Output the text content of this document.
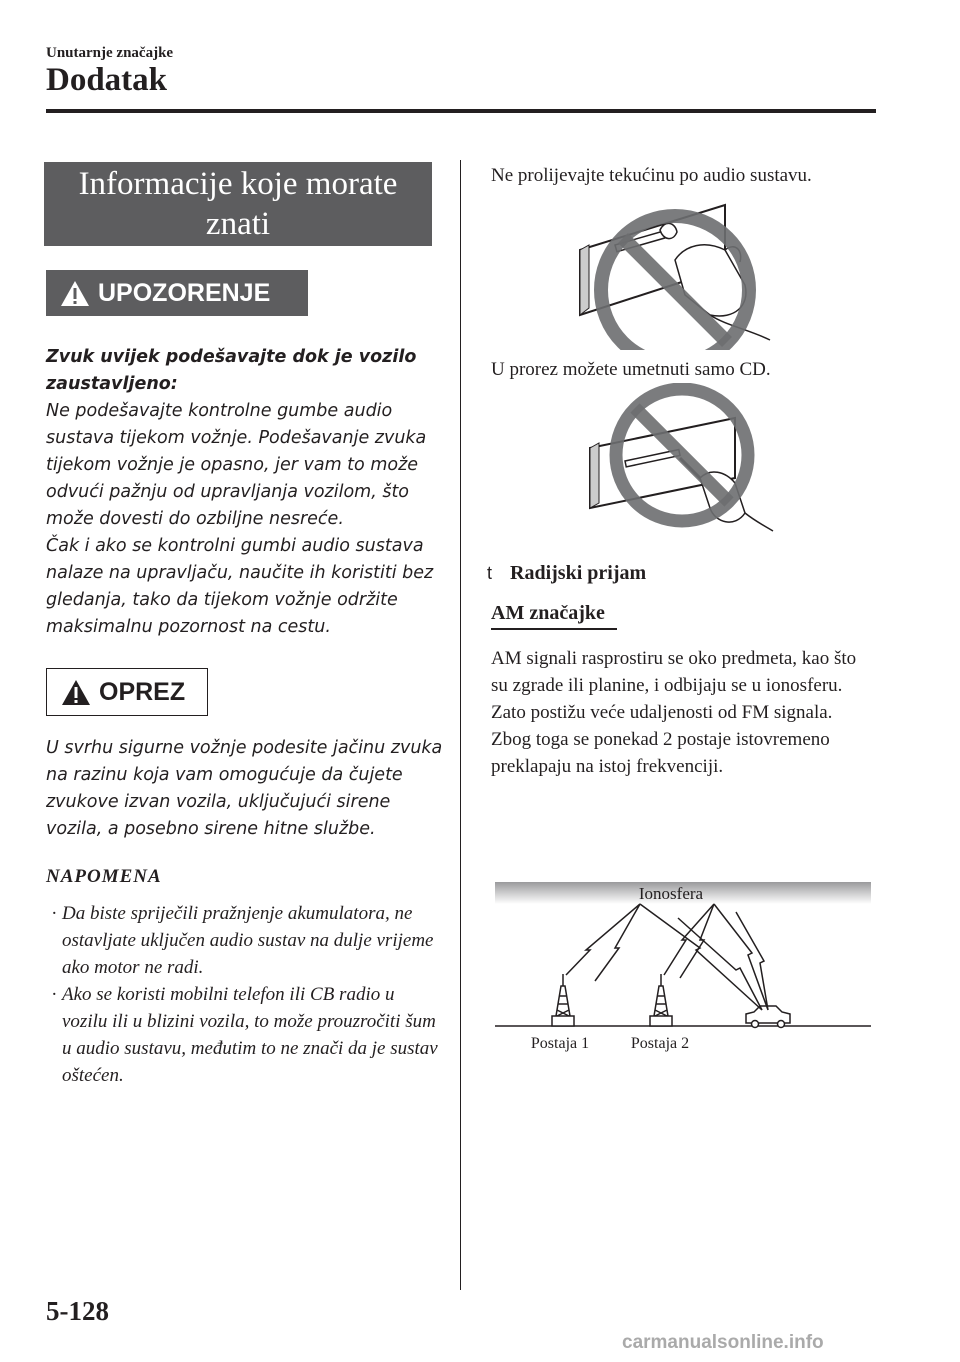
Unutarnje značajke
Dodatak
Informacije koje morate
znati
UPOZORENJE
Zvuk uvijek podešavajte dok je vozilo zaustavljeno:
Ne podešavajte kontrolne gumbe audio sustava tijekom vožnje. Podešavanje zvuka tijekom vožnje je opasno, jer vam to može odvući pažnju od upravljanja vozilom, što može dovesti do ozbiljne nesreće.
Čak i ako se kontrolni gumbi audio sustava nalaze na upravljaču, naučite ih koristiti bez gledanja, tako da tijekom vožnje održite maksimalnu pozornost na cestu.
OPREZ
U svrhu sigurne vožnje podesite jačinu zvuka na razinu koja vam omogućuje da čujete zvukove izvan vozila, uključujući sirene vozila, a posebno sirene hitne službe.
NAPOMENA
· Da biste spriječili pražnjenje akumulatora, ne ostavljate uključen audio sustav na dulje vrijeme ako motor ne radi.
· Ako se koristi mobilni telefon ili CB radio u vozilu ili u blizini vozila, to može prouzročiti šum u audio sustavu, međutim to ne znači da je sustav oštećen.
Ne prolijevajte tekućinu po audio sustavu.
U prorez možete umetnuti samo CD.
t Radijski prijam
AM značajke
AM signali rasprostiru se oko predmeta, kao što su zgrade ili planine, i odbijaju se u ionosferu.
Zato postižu veće udaljenosti od FM signala.
Zbog toga se ponekad 2 postaje istovremeno preklapaju na istoj frekvenciji.
Ionosfera
Postaja 1	Postaja 2
5-128
carmanualsonline.info
